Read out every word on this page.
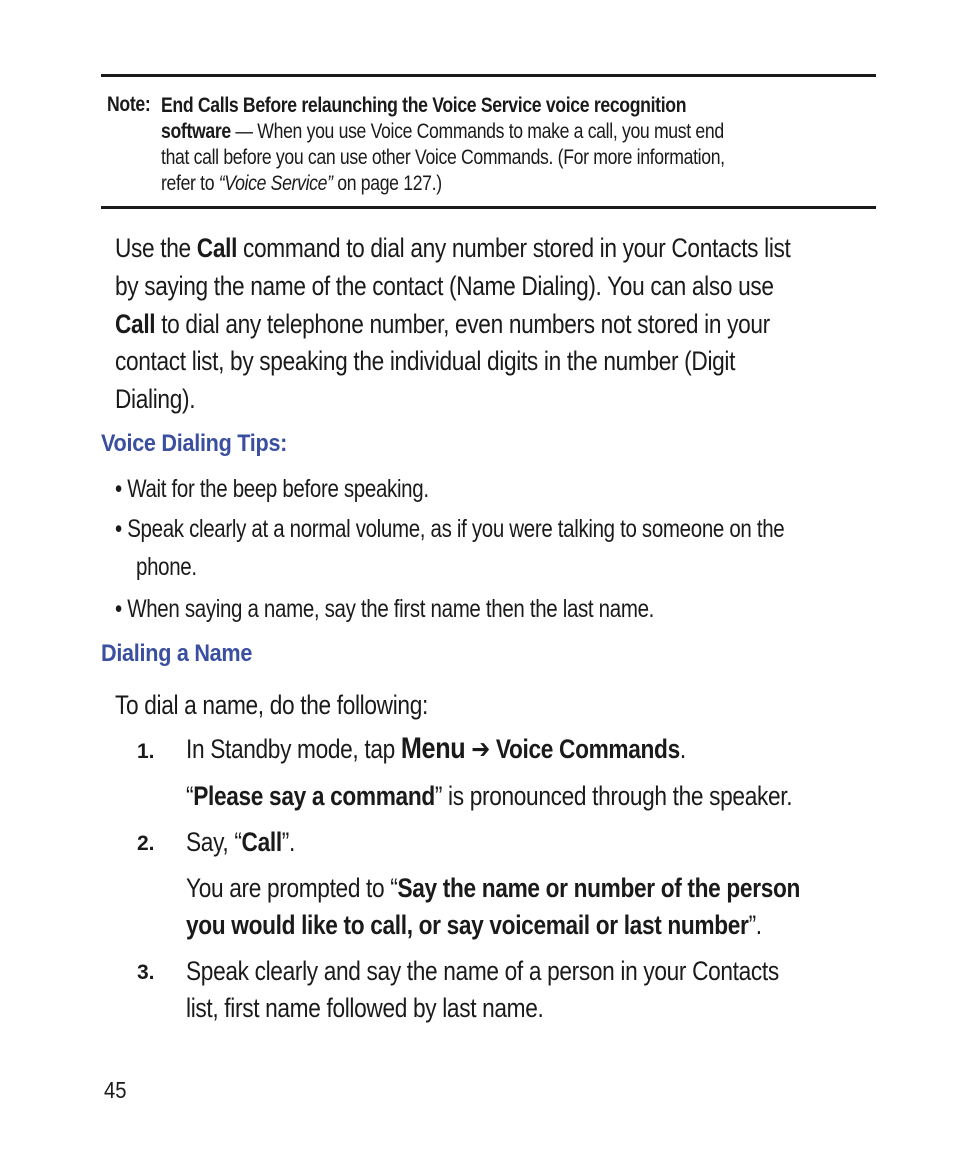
Note: End Calls Before relaunching the Voice Service voice recognition
software — When you use Voice Commands to make a call, you must end
that call before you can use other Voice Commands. (For more information,
refer to “Voice Service” on page 127.)
Use the Call command to dial any number stored in your Contacts list
by saying the name of the contact (Name Dialing). You can also use
Call to dial any telephone number, even numbers not stored in your
contact list, by speaking the individual digits in the number (Digit
Dialing).
Voice Dialing Tips:
• Wait for the beep before speaking.
• Speak clearly at a normal volume, as if you were talking to someone on the
phone.
• When saying a name, say the first name then the last name.
Dialing a Name
To dial a name, do the following:
1. In Standby mode, tap Menu ➔ Voice Commands.
“Please say a command” is pronounced through the speaker.
2. Say, “Call”.
You are prompted to “Say the name or number of the person
you would like to call, or say voicemail or last number”.
3. Speak clearly and say the name of a person in your Contacts
list, first name followed by last name.
45
